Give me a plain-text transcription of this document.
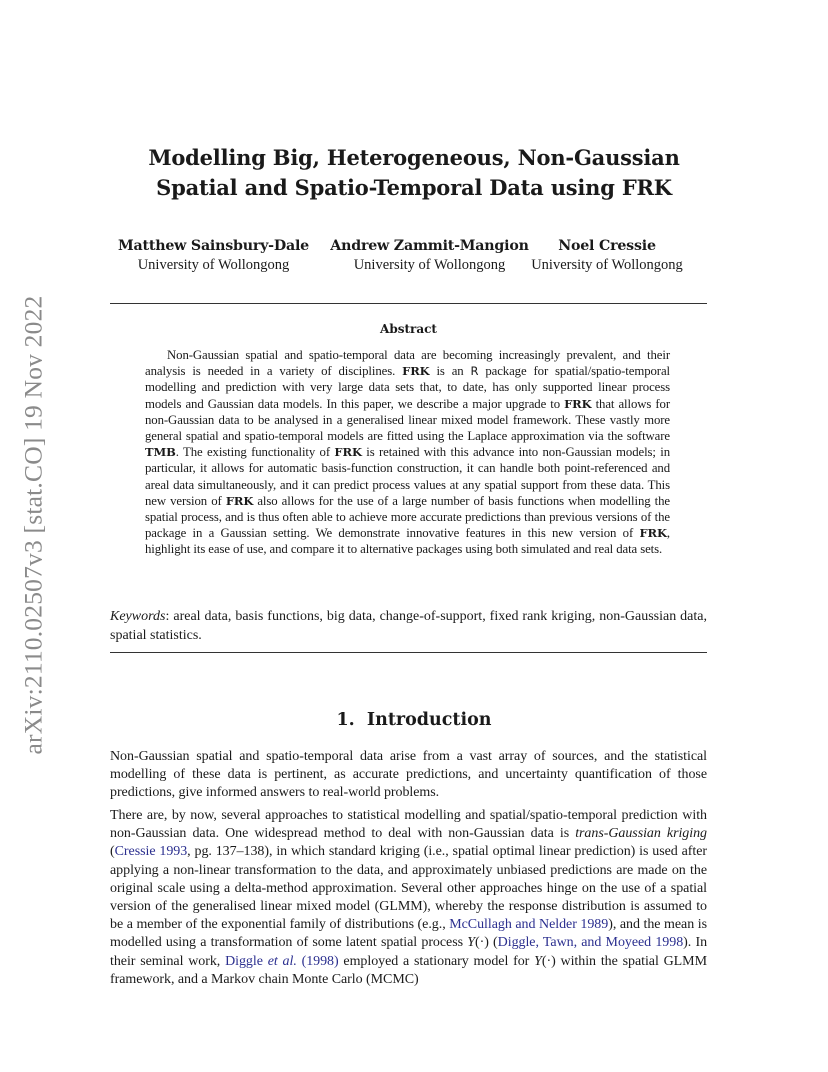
arXiv:2110.02507v3 [stat.CO] 19 Nov 2022
Modelling Big, Heterogeneous, Non-Gaussian
Spatial and Spatio-Temporal Data using FRK
Matthew Sainsbury-Dale
University of Wollongong
Andrew Zammit-Mangion
University of Wollongong
Noel Cressie
University of Wollongong
Abstract

Non-Gaussian spatial and spatio-temporal data are becoming increasingly prevalent, and their analysis is needed in a variety of disciplines. FRK is an R package for spatial/spatio-temporal modelling and prediction with very large data sets that, to date, has only supported linear process models and Gaussian data models. In this paper, we describe a major upgrade to FRK that allows for non-Gaussian data to be analysed in a generalised linear mixed model framework. These vastly more general spatial and spatio-temporal models are fitted using the Laplace approximation via the software TMB. The existing functionality of FRK is retained with this advance into non-Gaussian models; in particular, it allows for automatic basis-function construction, it can handle both point-referenced and areal data simultaneously, and it can predict process values at any spatial support from these data. This new version of FRK also allows for the use of a large number of basis functions when modelling the spatial process, and is thus often able to achieve more accurate predictions than previous versions of the package in a Gaussian setting. We demonstrate innovative features in this new version of FRK, highlight its ease of use, and compare it to alternative packages using both simulated and real data sets.

Keywords: areal data, basis functions, big data, change-of-support, fixed rank kriging, non-Gaussian data, spatial statistics.

1. Introduction

Non-Gaussian spatial and spatio-temporal data arise from a vast array of sources, and the statistical modelling of these data is pertinent, as accurate predictions, and uncertainty quantification of those predictions, give informed answers to real-world problems.

There are, by now, several approaches to statistical modelling and spatial/spatio-temporal prediction with non-Gaussian data. One widespread method to deal with non-Gaussian data is trans-Gaussian kriging (Cressie 1993, pg. 137–138), in which standard kriging (i.e., spatial optimal linear prediction) is used after applying a non-linear transformation to the data, and approximately unbiased predictions are made on the original scale using a delta-method approximation. Several other approaches hinge on the use of a spatial version of the generalised linear mixed model (GLMM), whereby the response distribution is assumed to be a member of the exponential family of distributions (e.g., McCullagh and Nelder 1989), and the mean is modelled using a transformation of some latent spatial process Y(·) (Diggle, Tawn, and Moyeed 1998). In their seminal work, Diggle et al. (1998) employed a stationary model for Y(·) within the spatial GLMM framework, and a Markov chain Monte Carlo (MCMC)
